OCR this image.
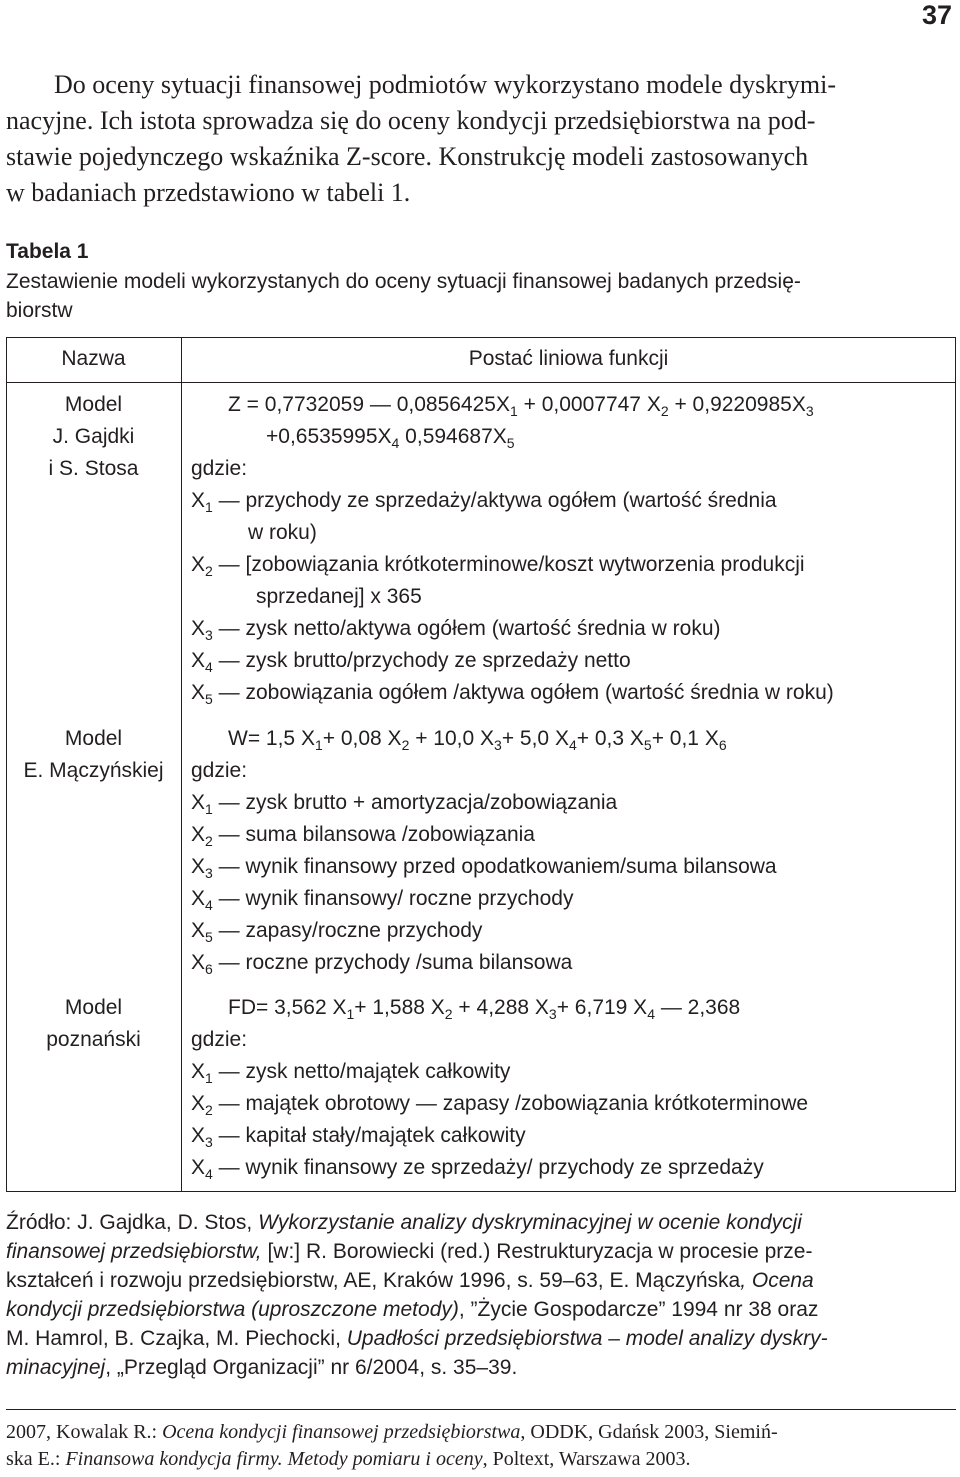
37
Do oceny sytuacji finansowej podmiotów wykorzystano modele dyskrymi-
nacyjne. Ich istota sprowadza się do oceny kondycji przedsiębiorstwa na pod-
stawie pojedynczego wskaźnika Z-score. Konstrukcję modeli zastosowanych
w badaniach przedstawiono w tabeli 1.
Tabela 1
Zestawienie modeli wykorzystanych do oceny sytuacji finansowej badanych przedsię-
biorstw
Nazwa	Postać liniowa funkcji
Model
J. Gajdki
i S. Stosa
Z = 0,7732059 — $0,0856425X_1 + 0,0007747$ $X_2 + 0,9220985X_3$
$+0,6535995X_4$ $0,594687X_5$
gdzie:
$X_1$ — przychody ze sprzedaży/aktywa ogółem (wartość średnia
w roku)
$X_2$ — [zobowiązania krótkoterminowe/koszt wytworzenia produkcji
sprzedanej] x 365
$X_3$ — zysk netto/aktywa ogółem (wartość średnia w roku)
$X_4$ — zysk brutto/przychody ze sprzedaży netto
$X_5$ — zobowiązania ogółem /aktywa ogółem (wartość średnia w roku)
Model
E. Mączyńskiej
W= 1,5 $X_1+ 0,08$ $X_2 + 10,0$ $X_3+ 5,0$ $X_4+ 0,3$ $X_5+ 0,1$ $X_6$
gdzie:
$X_1$ — zysk brutto + amortyzacja/zobowiązania
$X_2$ — suma bilansowa /zobowiązania
$X_3$ — wynik finansowy przed opodatkowaniem/suma bilansowa
$X_4$ — wynik finansowy/ roczne przychody
$X_5$ — zapasy/roczne przychody
$X_6$ — roczne przychody /suma bilansowa
Model
poznański
FD= 3,562 $X_1+ 1,588$ $X_2 + 4,288$ $X_3+ 6,719$ $X_4$ — 2,368
gdzie:
$X_1$ — zysk netto/majątek całkowity
$X_2$ — majątek obrotowy — zapasy /zobowiązania krótkoterminowe
$X_3$ — kapitał stały/majątek całkowity
$X_4$ — wynik finansowy ze sprzedaży/ przychody ze sprzedaży
Źródło: J. Gajdka, D. Stos, Wykorzystanie analizy dyskryminacyjnej w ocenie kondycji
finansowej przedsiębiorstw, [w:] R. Borowiecki (red.) Restrukturyzacja w procesie prze-
kształceń i rozwoju przedsiębiorstw, AE, Kraków 1996, s. 59–63, E. Mączyńska, Ocena
kondycji przedsiębiorstwa (uproszczone metody), ”Życie Gospodarcze” 1994 nr 38 oraz
M. Hamrol, B. Czajka, M. Piechocki, Upadłości przedsiębiorstwa – model analizy dyskry-
minacyjnej, „Przegląd Organizacji” nr 6/2004, s. 35–39.
2007, Kowalak R.: Ocena kondycji finansowej przedsiębiorstwa, ODDK, Gdańsk 2003, Siemiń-
ska E.: Finansowa kondycja firmy. Metody pomiaru i oceny, Poltext, Warszawa 2003.
